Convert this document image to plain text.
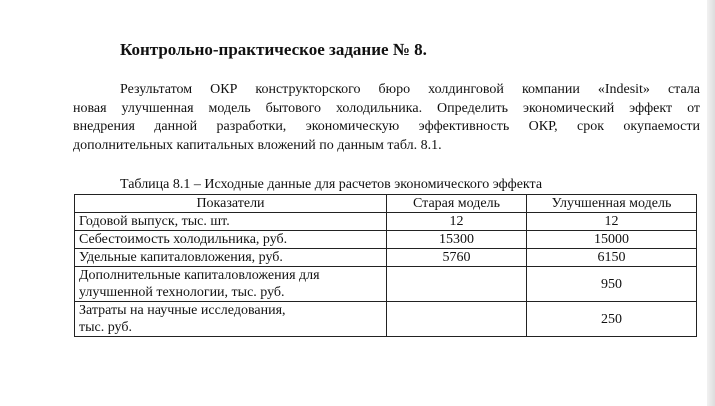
Контрольно-практическое задание № 8.
Результатом ОКР конструкторского бюро холдинговой компании «Indesit» стала
новая улучшенная модель бытового холодильника. Определить экономический эффект от
внедрения данной разработки, экономическую эффективность ОКР, срок окупаемости
дополнительных капитальных вложений по данным табл. 8.1.
Таблица 8.1 – Исходные данные для расчетов экономического эффекта
Показатели	Старая модель	Улучшенная модель
Годовой выпуск, тыс. шт.	12	12
Себестоимость холодильника, руб.	15300	15000
Удельные капиталовложения, руб.	5760	6150
Дополнительные капиталовложения для
улучшенной технологии, тыс. руб.		950
Затраты на научные исследования,
тыс. руб.		250
